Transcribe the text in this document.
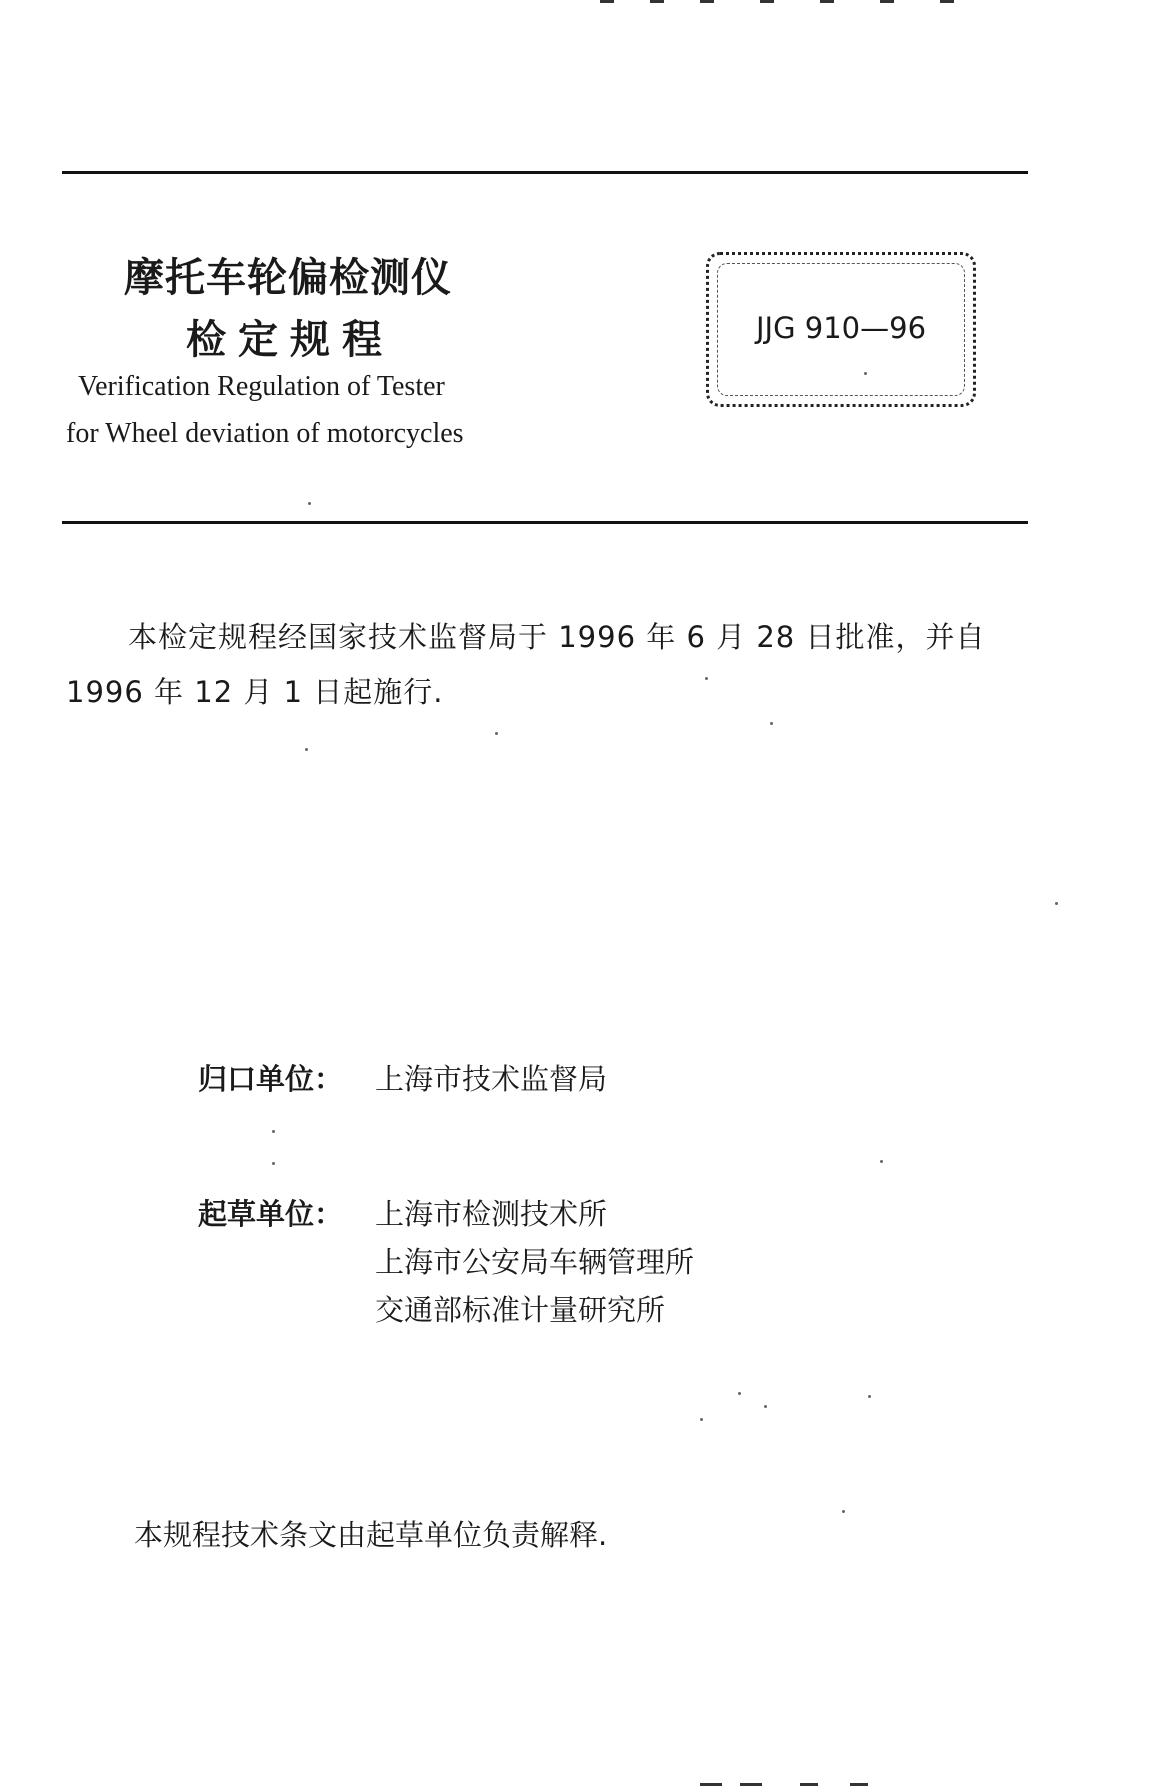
摩托车轮偏检测仪
检定规程
Verification Regulation of Tester
for Wheel deviation of motorcycles
JJG 910—96
本检定规程经国家技术监督局于 1996 年 6 月 28 日批准，并自
1996 年 12 月 1 日起施行.
归口单位： 上海市技术监督局
起草单位： 上海市检测技术所
上海市公安局车辆管理所
交通部标准计量研究所
本规程技术条文由起草单位负责解释.
